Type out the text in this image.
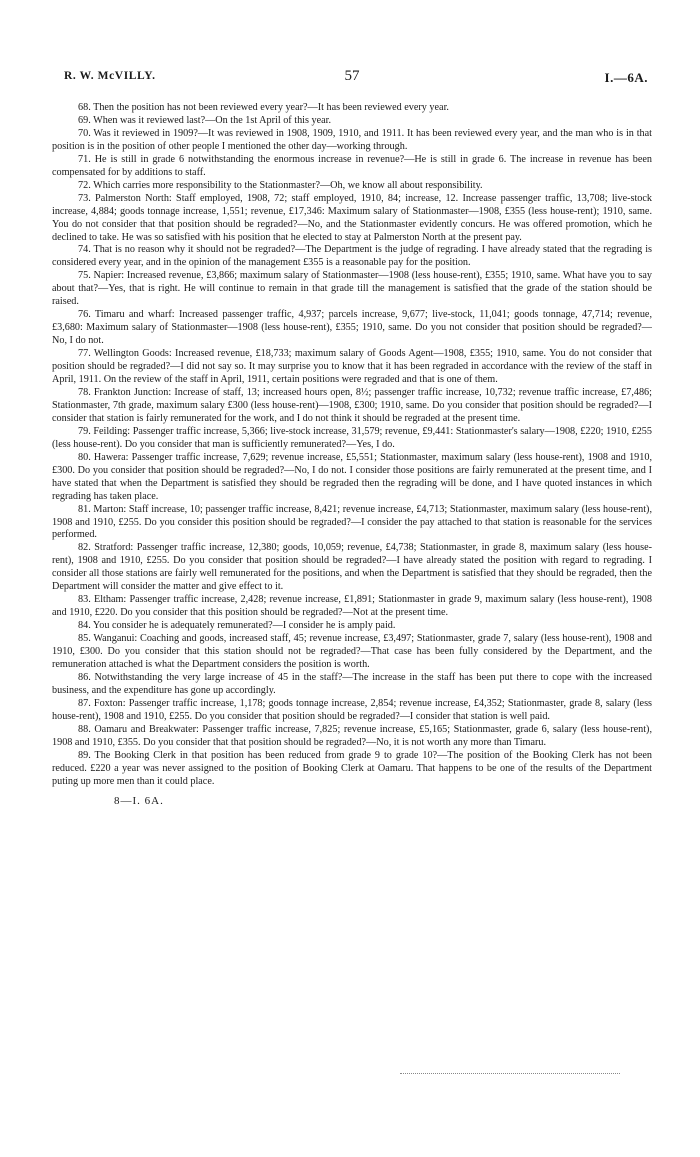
R. W. McVILLY.	57	I.—6A.

68. Then the position has not been reviewed every year?—It has been reviewed every year.

69. When was it reviewed last?—On the 1st April of this year.

70. Was it reviewed in 1909?—It was reviewed in 1908, 1909, 1910, and 1911. It has been reviewed every year, and the man who is in that position is in the position of other people I mentioned the other day—working through.

71. He is still in grade 6 notwithstanding the enormous increase in revenue?—He is still in grade 6. The increase in revenue has been compensated for by additions to staff.

72. Which carries more responsibility to the Stationmaster?—Oh, we know all about responsibility.

73. Palmerston North: Staff employed, 1908, 72; staff employed, 1910, 84; increase, 12. Increase passenger traffic, 13,708; live-stock increase, 4,884; goods tonnage increase, 1,551; revenue, £17,346: Maximum salary of Stationmaster—1908, £355 (less house-rent); 1910, same. You do not consider that that position should be regraded?—No, and the Stationmaster evidently concurs. He was offered promotion, which he declined to take. He was so satisfied with his position that he elected to stay at Palmerston North at the present pay.

74. That is no reason why it should not be regraded?—The Department is the judge of regrading. I have already stated that the regrading is considered every year, and in the opinion of the management £355 is a reasonable pay for the position.

75. Napier: Increased revenue, £3,866; maximum salary of Stationmaster—1908 (less house-rent), £355; 1910, same. What have you to say about that?—Yes, that is right. He will continue to remain in that grade till the management is satisfied that the grade of the station should be raised.

76. Timaru and wharf: Increased passenger traffic, 4,937; parcels increase, 9,677; live-stock, 11,041; goods tonnage, 47,714; revenue, £3,680: Maximum salary of Stationmaster—1908 (less house-rent), £355; 1910, same. Do you not consider that position should be regraded?—No, I do not.

77. Wellington Goods: Increased revenue, £18,733; maximum salary of Goods Agent—1908, £355; 1910, same. You do not consider that position should be regraded?—I did not say so. It may surprise you to know that it has been regraded in accordance with the review of the staff in April, 1911. On the review of the staff in April, 1911, certain positions were regraded and that is one of them.

78. Frankton Junction: Increase of staff, 13; increased hours open, 8½; passenger traffic increase, 10,732; revenue traffic increase, £7,486; Stationmaster, 7th grade, maximum salary £300 (less house-rent)—1908, £300; 1910, same. Do you consider that position should be regraded?—I consider that station is fairly remunerated for the work, and I do not think it should be regraded at the present time.

79. Feilding: Passenger traffic increase, 5,366; live-stock increase, 31,579; revenue, £9,441: Stationmaster's salary—1908, £220; 1910, £255 (less house-rent). Do you consider that man is sufficiently remunerated?—Yes, I do.

80. Hawera: Passenger traffic increase, 7,629; revenue increase, £5,551; Stationmaster, maximum salary (less house-rent), 1908 and 1910, £300. Do you consider that position should be regraded?—No, I do not. I consider those positions are fairly remunerated at the present time, and I have stated that when the Department is satisfied they should be regraded then the regrading will be done, and I have quoted instances in which regrading has taken place.

81. Marton: Staff increase, 10; passenger traffic increase, 8,421; revenue increase, £4,713; Stationmaster, maximum salary (less house-rent), 1908 and 1910, £255. Do you consider this position should be regraded?—I consider the pay attached to that station is reasonable for the services performed.

82. Stratford: Passenger traffic increase, 12,380; goods, 10,059; revenue, £4,738; Stationmaster, in grade 8, maximum salary (less house-rent), 1908 and 1910, £255. Do you consider that position should be regraded?—I have already stated the position with regard to regrading. I consider all those stations are fairly well remunerated for the positions, and when the Department is satisfied that they should be regraded, then the Department will consider the matter and give effect to it.

83. Eltham: Passenger traffic increase, 2,428; revenue increase, £1,891; Stationmaster in grade 9, maximum salary (less house-rent), 1908 and 1910, £220. Do you consider that this position should be regraded?—Not at the present time.

84. You consider he is adequately remunerated?—I consider he is amply paid.

85. Wanganui: Coaching and goods, increased staff, 45; revenue increase, £3,497; Stationmaster, grade 7, salary (less house-rent), 1908 and 1910, £300. Do you consider that this station should not be regraded?—That case has been fully considered by the Department, and the remuneration attached is what the Department considers the position is worth.

86. Notwithstanding the very large increase of 45 in the staff?—The increase in the staff has been put there to cope with the increased business, and the expenditure has gone up accordingly.

87. Foxton: Passenger traffic increase, 1,178; goods tonnage increase, 2,854; revenue increase, £4,352; Stationmaster, grade 8, salary (less house-rent), 1908 and 1910, £255. Do you consider that position should be regraded?—I consider that station is well paid.

88. Oamaru and Breakwater: Passenger traffic increase, 7,825; revenue increase, £5,165; Stationmaster, grade 6, salary (less house-rent), 1908 and 1910, £355. Do you consider that that position should be regraded?—No, it is not worth any more than Timaru.

89. The Booking Clerk in that position has been reduced from grade 9 to grade 10?—The position of the Booking Clerk has not been reduced. £220 a year was never assigned to the position of Booking Clerk at Oamaru. That happens to be one of the results of the Department puting up more men than it could place.

8—I. 6A.
